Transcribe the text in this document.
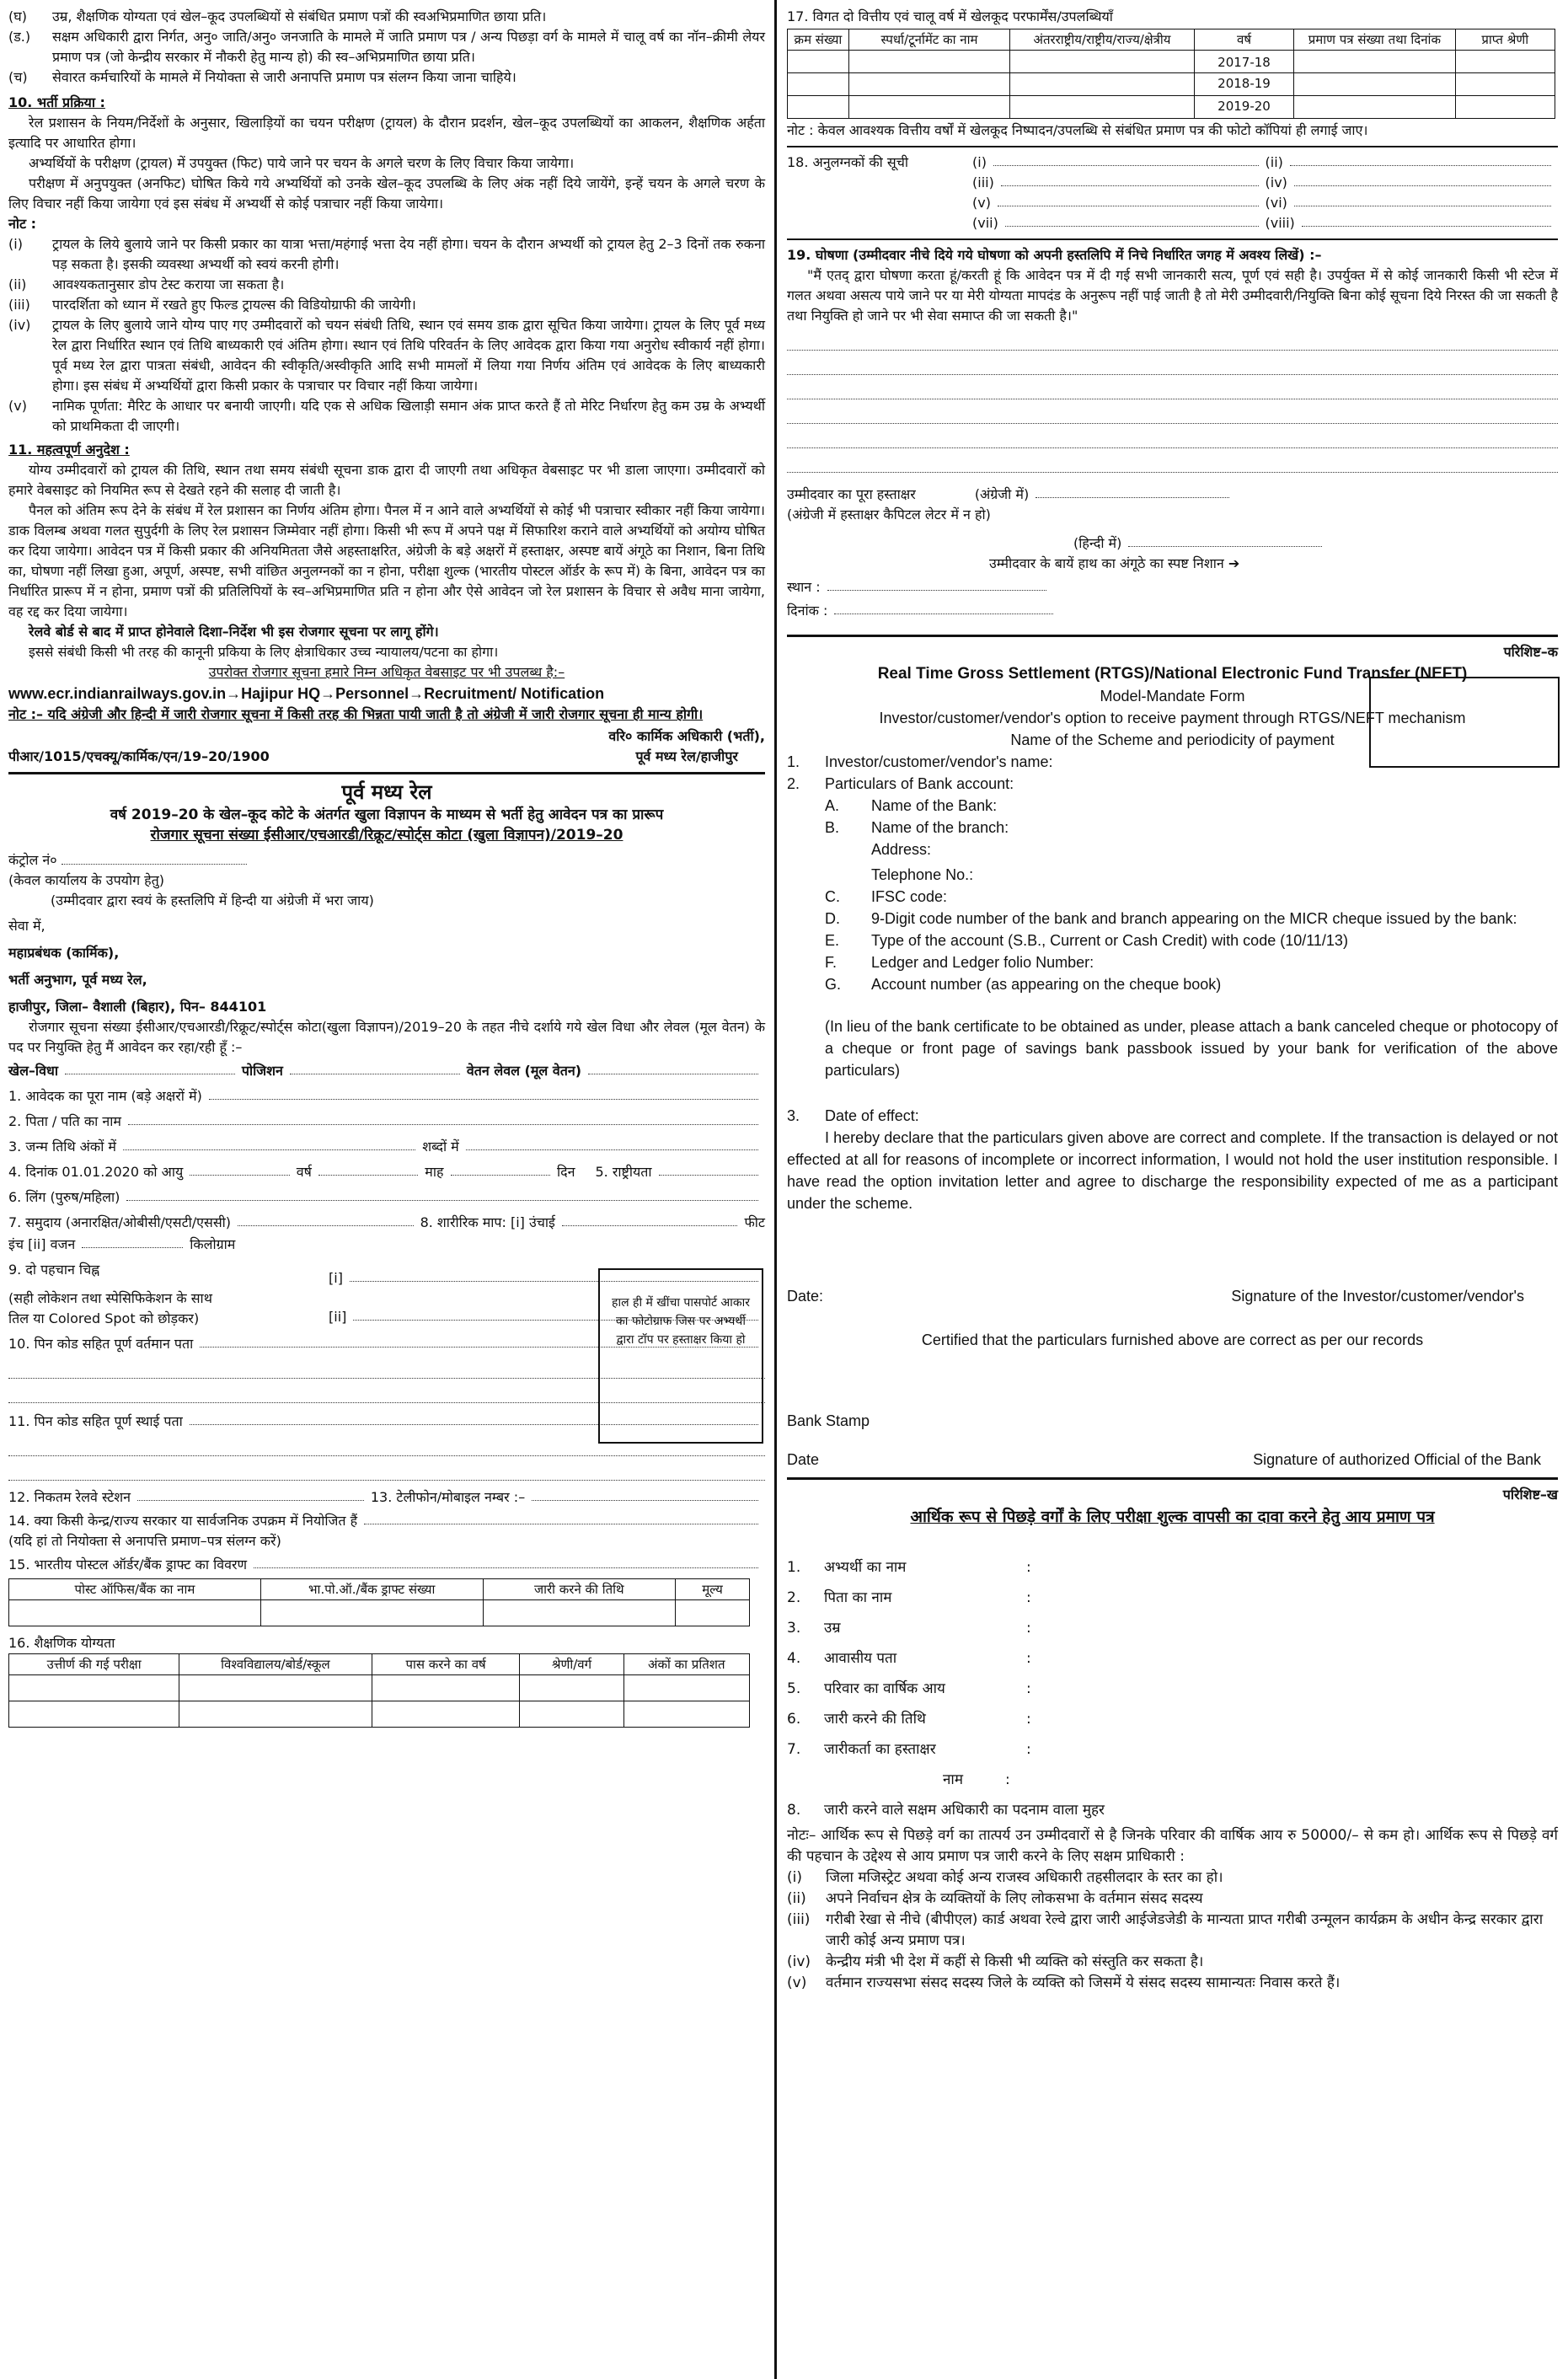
(घ)	उम्र, शैक्षणिक योग्यता एवं खेल–कूद उपलब्धियों से संबंधित प्रमाण पत्रों की स्वअभिप्रमाणित छाया प्रति।
(ड.)	सक्षम अधिकारी द्वारा निर्गत, अनु० जाति/अनु० जनजाति के मामले में जाति प्रमाण पत्र / अन्य पिछड़ा वर्ग के मामले में चालू वर्ष का नॉन–क्रीमी लेयर प्रमाण पत्र (जो केन्द्रीय सरकार में नौकरी हेतु मान्य हो) की स्व–अभिप्रमाणित छाया प्रति।
(च)	सेवारत कर्मचारियों के मामले में नियोक्ता से जारी अनापत्ति प्रमाण पत्र संलग्न किया जाना चाहिये।
10. भर्ती प्रक्रिया :

रेल प्रशासन के नियम/निर्देशों के अनुसार, खिलाड़ियों का चयन परीक्षण (ट्रायल) के दौरान प्रदर्शन, खेल–कूद उपलब्धियों का आकलन, शैक्षणिक अर्हता इत्यादि पर आधारित होगा।

अभ्यर्थियों के परीक्षण (ट्रायल) में उपयुक्त (फिट) पाये जाने पर चयन के अगले चरण के लिए विचार किया जायेगा।

परीक्षण में अनुपयुक्त (अनफिट) घोषित किये गये अभ्यर्थियों को उनके खेल–कूद उपलब्धि के लिए अंक नहीं दिये जायेंगे, इन्हें चयन के अगले चरण के लिए विचार नहीं किया जायेगा एवं इस संबंध में अभ्यर्थी से कोई पत्राचार नहीं किया जायेगा।

नोट :
(i)	ट्रायल के लिये बुलाये जाने पर किसी प्रकार का यात्रा भत्ता/महंगाई भत्ता देय नहीं होगा। चयन के दौरान अभ्यर्थी को ट्रायल हेतु 2–3 दिनों तक रुकना पड़ सकता है। इसकी व्यवस्था अभ्यर्थी को स्वयं करनी होगी।
(ii)	आवश्यकतानुसार डोप टेस्ट कराया जा सकता है।
(iii)	पारदर्शिता को ध्यान में रखते हुए फिल्ड ट्रायल्स की विडियोग्राफी की जायेगी।
(iv)	ट्रायल के लिए बुलाये जाने योग्य पाए गए उम्मीदवारों को चयन संबंधी तिथि, स्थान एवं समय डाक द्वारा सूचित किया जायेगा। ट्रायल के लिए पूर्व मध्य रेल द्वारा निर्धारित स्थान एवं तिथि बाध्यकारी एवं अंतिम होगा। स्थान एवं तिथि परिवर्तन के लिए आवेदक द्वारा किया गया अनुरोध स्वीकार्य नहीं होगा। पूर्व मध्य रेल द्वारा पात्रता संबंधी, आवेदन की स्वीकृति/अस्वीकृति आदि सभी मामलों में लिया गया निर्णय अंतिम एवं आवेदक के लिए बाध्यकारी होगा। इस संबंध में अभ्यर्थियों द्वारा किसी प्रकार के पत्राचार पर विचार नहीं किया जायेगा।
(v)	नामिक पूर्णता: मैरिट के आधार पर बनायी जाएगी। यदि एक से अधिक खिलाड़ी समान अंक प्राप्त करते हैं तो मेरिट निर्धारण हेतु कम उम्र के अभ्यर्थी को प्राथमिकता दी जाएगी।
11. महत्वपूर्ण अनुदेश :

योग्य उम्मीदवारों को ट्रायल की तिथि, स्थान तथा समय संबंधी सूचना डाक द्वारा दी जाएगी तथा अधिकृत वेबसाइट पर भी डाला जाएगा। उम्मीदवारों को हमारे वेबसाइट को नियमित रूप से देखते रहने की सलाह दी जाती है।

पैनल को अंतिम रूप देने के संबंध में रेल प्रशासन का निर्णय अंतिम होगा। पैनल में न आने वाले अभ्यर्थियों से कोई भी पत्राचार स्वीकार नहीं किया जायेगा। डाक विलम्ब अथवा गलत सुपुर्दगी के लिए रेल प्रशासन जिम्मेवार नहीं होगा। किसी भी रूप में अपने पक्ष में सिफारिश कराने वाले अभ्यर्थियों को अयोग्य घोषित कर दिया जायेगा। आवेदन पत्र में किसी प्रकार की अनियमितता जैसे अहस्ताक्षरित, अंग्रेजी के बड़े अक्षरों में हस्ताक्षर, अस्पष्ट बायें अंगूठे का निशान, बिना तिथि का, घोषणा नहीं लिखा हुआ, अपूर्ण, अस्पष्ट, सभी वांछित अनुलग्नकों का न होना, परीक्षा शुल्क (भारतीय पोस्टल ऑर्डर के रूप में) के बिना, आवेदन पत्र का निर्धारित प्रारूप में न होना, प्रमाण पत्रों की प्रतिलिपियों के स्व–अभिप्रमाणित प्रति न होना और ऐसे आवेदन जो रेल प्रशासन के विचार से अवैध माना जायेगा, वह रद्द कर दिया जायेगा।

रेलवे बोर्ड से बाद में प्राप्त होनेवाले दिशा–निर्देश भी इस रोजगार सूचना पर लागू होंगे।

इससे संबंधी किसी भी तरह की कानूनी प्रकिया के लिए क्षेत्राधिकार उच्च न्यायालय/पटना का होगा।

उपरोक्त रोजगार सूचना हमारे निम्न अधिकृत वेबसाइट पर भी उपलब्ध है:–

www.ecr.indianrailways.gov.in→Hajipur HQ→Personnel→Recruitment/ Notification

नोट :– यदि अंग्रेजी और हिन्दी में जारी रोजगार सूचना में किसी तरह की भिन्नता पायी जाती है तो अंग्रेजी में जारी रोजगार सूचना ही मान्य होगी।

पीआर/1015/एचक्यू/कार्मिक/एन/19–20/1900
वरि० कार्मिक अधिकारी (भर्ती),
पूर्व मध्य रेल/हाजीपुर
पूर्व मध्य रेल
वर्ष 2019–20 के खेल–कूद कोटे के अंतर्गत खुला विज्ञापन के माध्यम से भर्ती हेतु आवेदन पत्र का प्रारूप
रोजगार सूचना संख्या ईसीआर/एचआरडी/रिक्रूट/स्पोर्ट्स कोटा (खुला विज्ञापन)/2019–20
कंट्रोल नं०
(केवल कार्यालय के उपयोग हेतु)
(उम्मीदवार द्वारा स्वयं के हस्तलिपि में हिन्दी या अंग्रेजी में भरा जाय)
सेवा में,
महाप्रबंधक (कार्मिक),
भर्ती अनुभाग, पूर्व मध्य रेल,
हाजीपुर, जिला– वैशाली (बिहार), पिन– 844101

रोजगार सूचना संख्या ईसीआर/एचआरडी/रिक्रूट/स्पोर्ट्स कोटा(खुला विज्ञापन)/2019–20 के तहत नीचे दर्शाये गये खेल विधा और लेवल (मूल वेतन) के पद पर नियुक्ति हेतु मैं आवेदन कर रहा/रही हूँ :–

खेल–विधा	पोजिशन	वेतन लेवल (मूल वेतन)
1. आवेदक का पूरा नाम (बड़े अक्षरों में)
2. पिता / पति का नाम
3. जन्म तिथि अंकों में	शब्दों में
4. दिनांक 01.01.2020 को आयु	वर्ष	माह	दिन 5. राष्ट्रीयता
6. लिंग (पुरुष/महिला)
7. समुदाय (अनारक्षित/ओबीसी/एसटी/एससी)	8. शारीरिक माप: [i] उंचाई	फीट
इंच [ii] वजन	किलोग्राम
9. दो पहचान चिह्न
(सही लोकेशन तथा स्पेसिफिकेशन के साथ
तिल या Colored Spot को छोड़कर)
[i]
[ii]
10. पिन कोड सहित पूर्ण वर्तमान पता
11. पिन कोड सहित पूर्ण स्थाई पता
12. निकतम रेलवे स्टेशन	13. टेलीफोन/मोबाइल नम्बर :–
14. क्या किसी केन्द्र/राज्य सरकार या सार्वजनिक उपक्रम में नियोजित हैं
(यदि हां तो नियोक्ता से अनापत्ति प्रमाण–पत्र संलग्न करें)
15. भारतीय पोस्टल ऑर्डर/बैंक ड्राफ्ट का विवरण
पोस्ट ऑफिस/बैंक का नाम	भा.पो.ऑ./बैंक ड्राफ्ट संख्या	जारी करने की तिथि	मूल्य

16. शैक्षणिक योग्यता
उत्तीर्ण की गई परीक्षा	विश्वविद्यालय/बोर्ड/स्कूल	पास करने का वर्ष	श्रेणी/वर्ग	अंकों का प्रतिशत

हाल ही में खींचा पासपोर्ट आकार का फोटोग्राफ जिस पर अभ्यर्थी द्वारा टॉप पर हस्ताक्षर किया हो
17. विगत दो वित्तीय एवं चालू वर्ष में खेलकूद परफार्मेंस/उपलब्धियाँ
क्रम संख्या	स्पर्धा/टूर्नामेंट का नाम	अंतरराष्ट्रीय/राष्ट्रीय/राज्य/क्षेत्रीय	वर्ष	प्रमाण पत्र संख्या तथा दिनांक	प्राप्त श्रेणी
			2017-18		
			2018-19		
			2019-20		

नोट : केवल आवश्यक वित्तीय वर्षों में खेलकूद निष्पादन/उपलब्धि से संबंधित प्रमाण पत्र की फोटो कॉपियां ही लगाई जाए।

18. अनुलग्नकों की सूची	(i)	(ii)
(iii)	(iv)
(v)	(vi)
(vii)	(viii)
19. घोषणा (उम्मीदवार नीचे दिये गये घोषणा को अपनी हस्तलिपि में निचे निर्धारित जगह में अवश्य लिखें) :–

"मैं एतद् द्वारा घोषणा करता हूं/करती हूं कि आवेदन पत्र में दी गई सभी जानकारी सत्य, पूर्ण एवं सही है। उपर्युक्त में से कोई जानकारी किसी भी स्टेज में गलत अथवा असत्य पाये जाने पर या मेरी योग्यता मापदंड के अनुरूप नहीं पाई जाती है तो मेरी उम्मीदवारी/नियुक्ति बिना कोई सूचना दिये निरस्त की जा सकती है तथा नियुक्ति हो जाने पर भी सेवा समाप्त की जा सकती है।"

उम्मीदवार का पूरा हस्ताक्षर	(अंग्रेजी में)
(अंग्रेजी में हस्ताक्षर कैपिटल लेटर में न हो)
(हिन्दी में)
उम्मीदवार के बायें हाथ का अंगूठे का स्पष्ट निशान ➔
स्थान :
दिनांक :
परिशिष्ट–क
Real Time Gross Settlement (RTGS)/National Electronic Fund Transfer (NEFT)
Model-Mandate Form
Investor/customer/vendor's option to receive payment through RTGS/NEFT mechanism
Name of the Scheme and periodicity of payment
1. Investor/customer/vendor's name:
2. Particulars of Bank account:
A. Name of the Bank:
B. Name of the branch:
Address:
Telephone No.:
C. IFSC code:
D.	9-Digit code number of the bank and branch appearing on the MICR cheque issued by the bank:
E. Type of the account (S.B., Current or Cash Credit) with code (10/11/13)
F. Ledger and Ledger folio Number:
G. Account number (as appearing on the cheque book)

(In lieu of the bank certificate to be obtained as under, please attach a bank canceled cheque or photocopy of a cheque or front page of savings bank passbook issued by your bank for verification of the above particulars)

3. Date of effect:

I hereby declare that the particulars given above are correct and complete. If the transaction is delayed or not effected at all for reasons of incomplete or incorrect information, I would not hold the user institution responsible. I have read the option invitation letter and agree to discharge the responsibility expected of me as a participant under the scheme.

Date:	Signature of the Investor/customer/vendor's
Certified that the particulars furnished above are correct as per our records
Bank Stamp
Date	Signature of authorized Official of the Bank
परिशिष्ट–ख
आर्थिक रूप से पिछड़े वर्गों के लिए परीक्षा शुल्क वापसी का दावा करने हेतु आय प्रमाण पत्र
1.	अभ्यर्थी का नाम	:
2.	पिता का नाम	:
3.	उम्र	:
4.	आवासीय पता	:
5.	परिवार का वार्षिक आय	:
6.	जारी करने की तिथि	:
7.	जारीकर्ता का हस्ताक्षर	:
नाम	:
8.	जारी करने वाले सक्षम अधिकारी का पदनाम वाला मुहर

नोटः– आर्थिक रूप से पिछड़े वर्ग का तात्पर्य उन उम्मीदवारों से है जिनके परिवार की वार्षिक आय रु 50000/– से कम हो। आर्थिक रूप से पिछड़े वर्ग की पहचान के उद्देश्य से आय प्रमाण पत्र जारी करने के लिए सक्षम प्राधिकारी :

(i)	जिला मजिस्ट्रेट अथवा कोई अन्य राजस्व अधिकारी तहसीलदार के स्तर का हो।
(ii)	अपने निर्वाचन क्षेत्र के व्यक्तियों के लिए लोकसभा के वर्तमान संसद सदस्य
(iii)	गरीबी रेखा से नीचे (बीपीएल) कार्ड अथवा रेल्वे द्वारा जारी आईजेडजेडी के मान्यता प्राप्त गरीबी उन्मूलन कार्यक्रम के अधीन केन्द्र सरकार द्वारा जारी कोई अन्य प्रमाण पत्र।
(iv)	केन्द्रीय मंत्री भी देश में कहीं से किसी भी व्यक्ति को संस्तुति कर सकता है।
(v)	वर्तमान राज्यसभा संसद सदस्य जिले के व्यक्ति को जिसमें ये संसद सदस्य सामान्यतः निवास करते हैं।
